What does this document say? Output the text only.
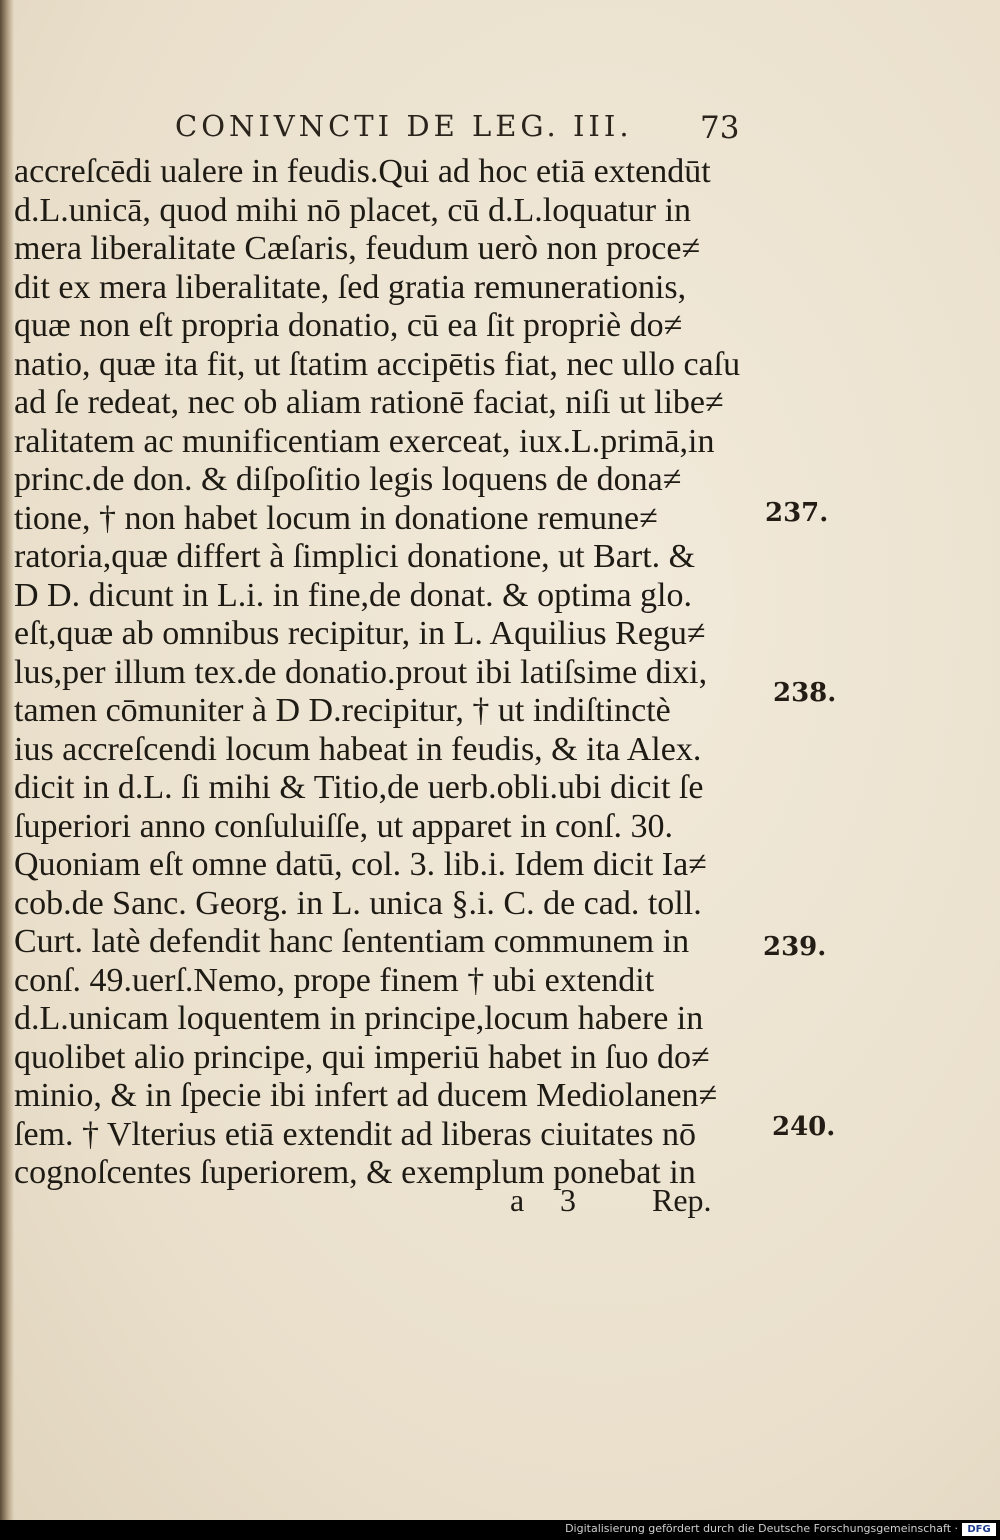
CONIVNCTI DE LEG. III. 73
accreſcēdi ualere in feudis.Qui ad hoc etiā extendūt
d.L.unicā, quod mihi nō placet, cū d.L.loquatur in
mera liberalitate Cæſaris, feudum uerò non proce≠
dit ex mera liberalitate, ſed gratia remunerationis,
quæ non eſt propria donatio, cū ea ſit propriè do≠
natio, quæ ita fit, ut ſtatim accipētis fiat, nec ullo caſu
ad ſe redeat, nec ob aliam rationē faciat, niſi ut libe≠
ralitatem ac munificentiam exerceat, iux.L.primā,in
princ.de don. & diſpoſitio legis loquens de dona≠
tione, † non habet locum in donatione remune≠
ratoria,quæ differt à ſimplici donatione, ut Bart. &
D D. dicunt in L.i. in fine,de donat. & optima glo.
eſt,quæ ab omnibus recipitur, in L. Aquilius Regu≠
lus,per illum tex.de donatio.prout ibi latiſsime dixi,
tamen cōmuniter à D D.recipitur, † ut indiſtinctè
ius accreſcendi locum habeat in feudis, & ita Alex.
dicit in d.L. ſi mihi & Titio,de uerb.obli.ubi dicit ſe
ſuperiori anno conſuluiſſe, ut apparet in conſ. 30.
Quoniam eſt omne datū, col. 3. lib.i. Idem dicit Ia≠
cob.de Sanc. Georg. in L. unica §.i. C. de cad. toll.
Curt. latè defendit hanc ſententiam communem in
conſ. 49.uerſ.Nemo, prope finem † ubi extendit
d.L.unicam loquentem in principe,locum habere in
quolibet alio principe, qui imperiū habet in ſuo do≠
minio, & in ſpecie ibi infert ad ducem Mediolanen≠
ſem. † Vlterius etiā extendit ad liberas ciuitates nō
cognoſcentes ſuperiorem, & exemplum ponebat in
237.
238.
239.
240.
a 3 Rep.
Digitalisierung gefördert durch die Deutsche Forschungsgemeinschaft · DFG
